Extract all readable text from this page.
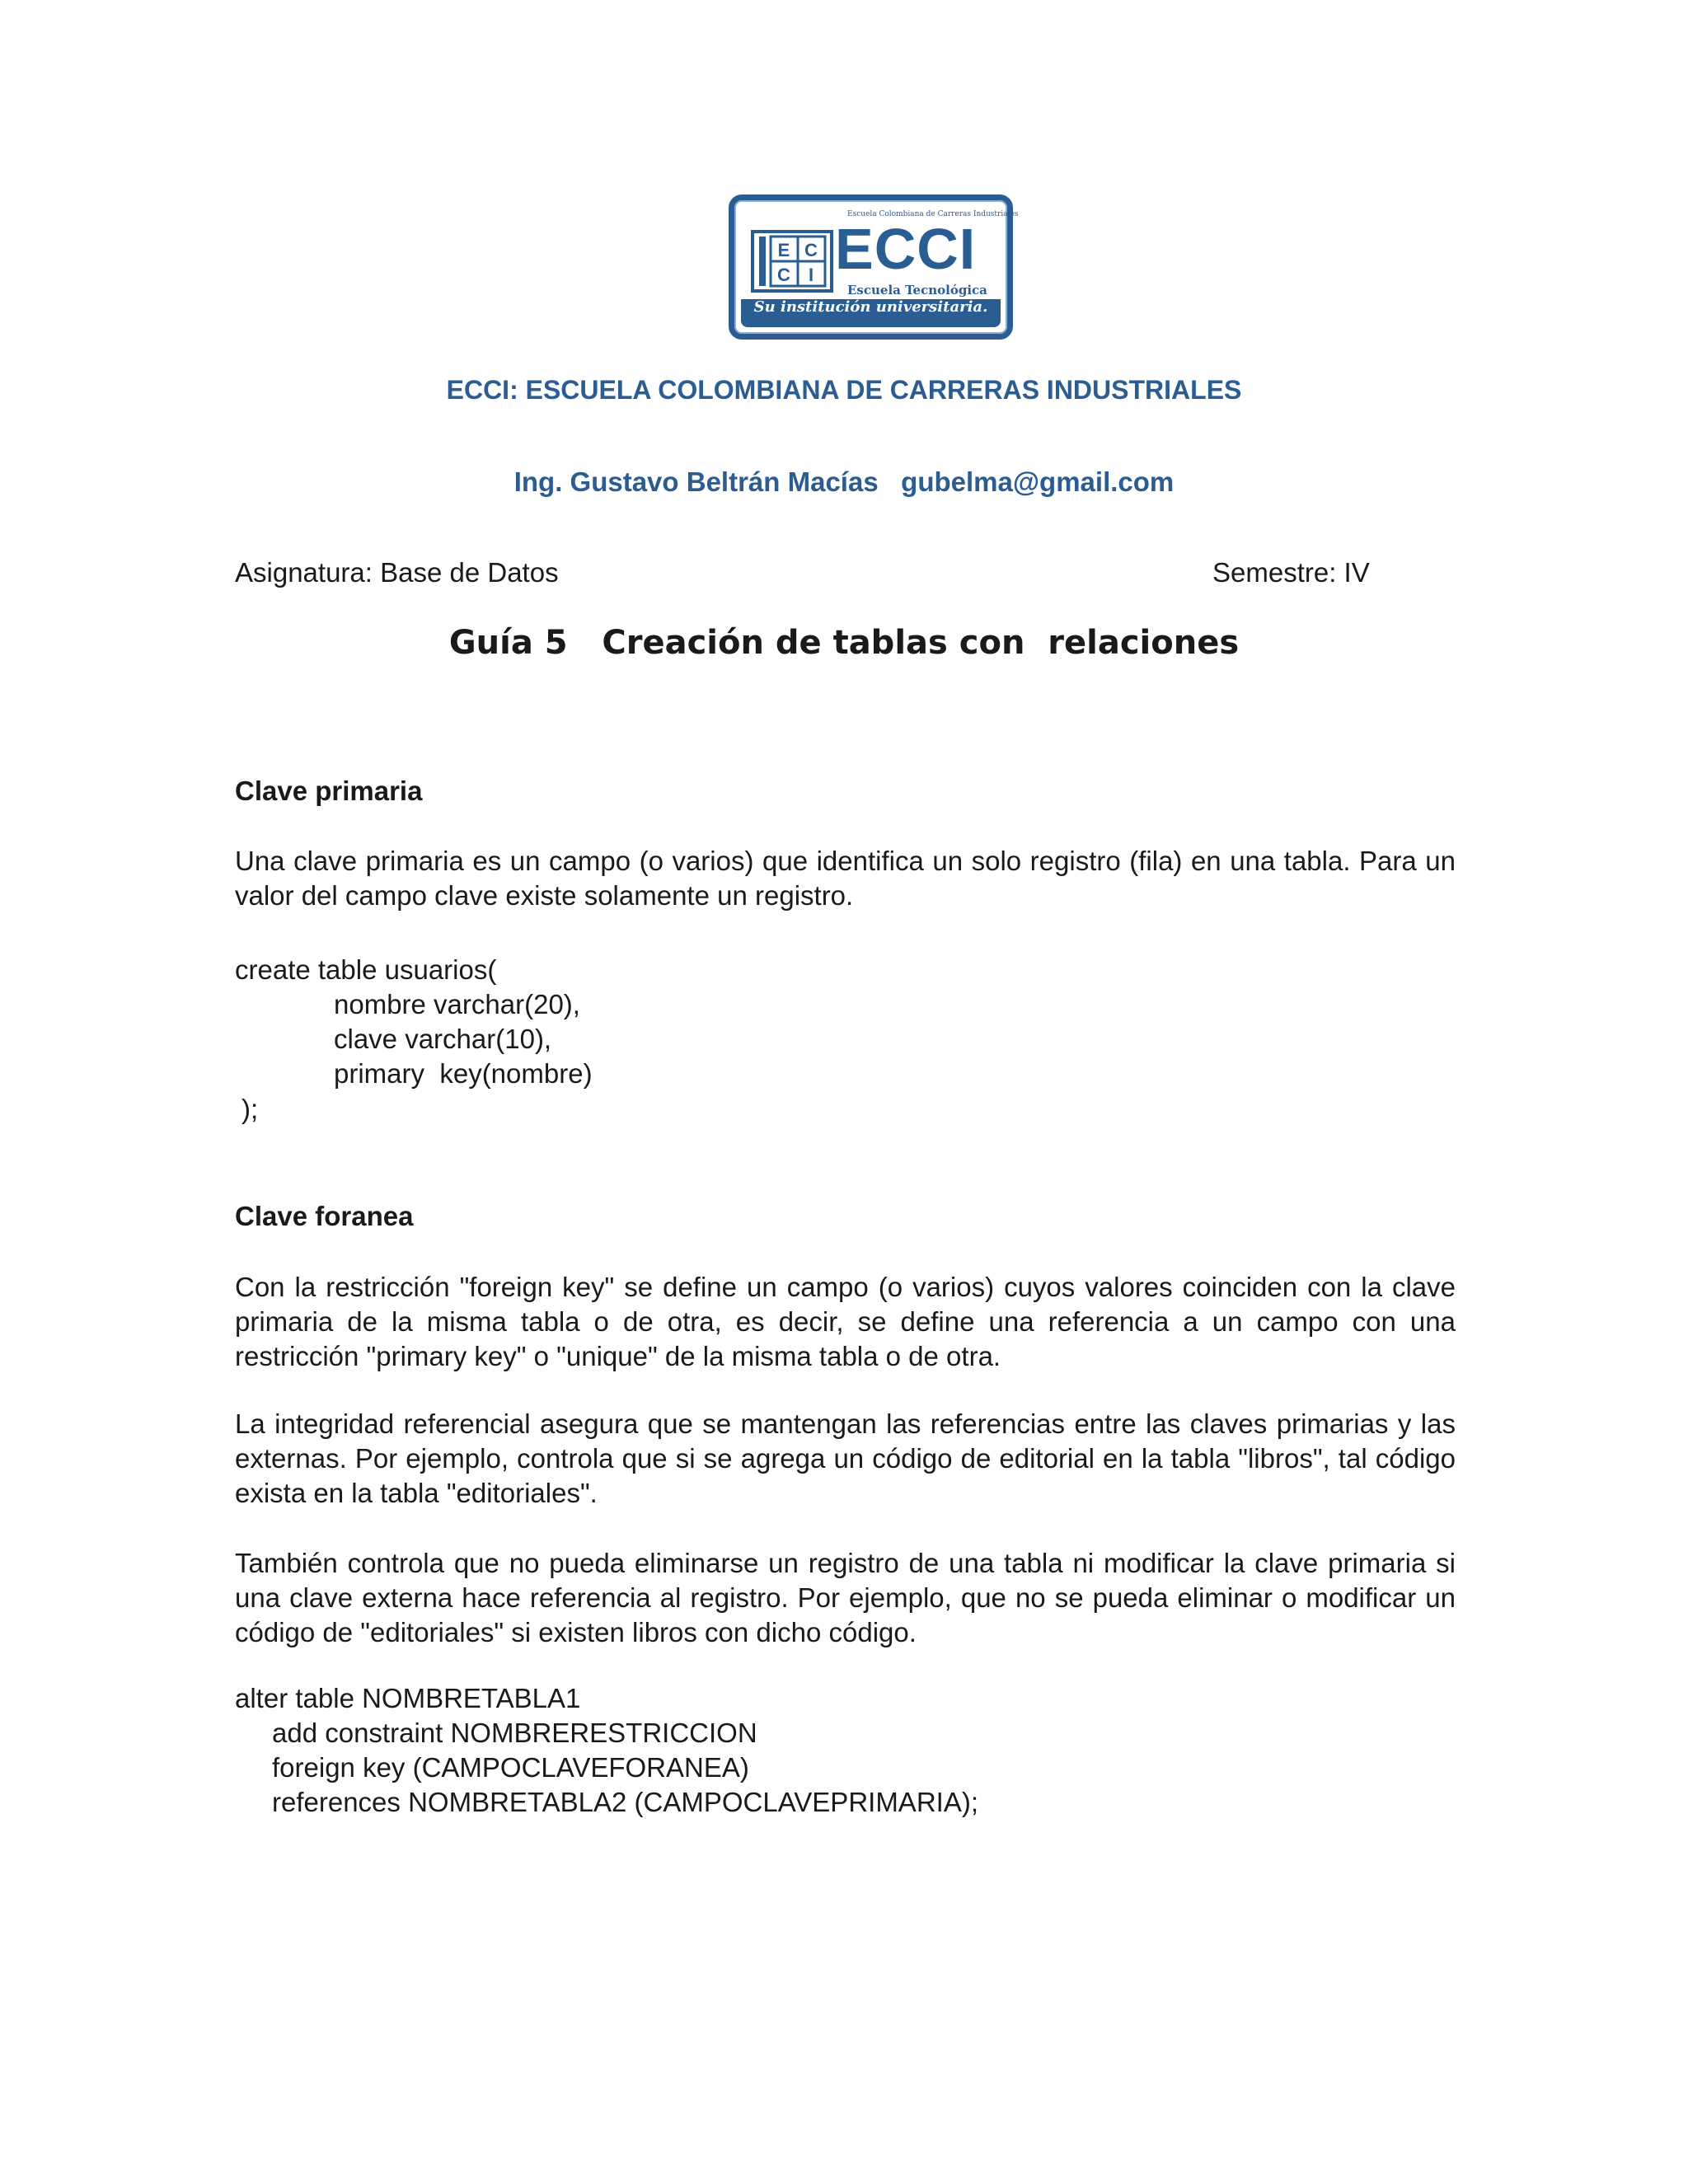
Escuela Colombiana de Carreras Industriales
E C
C I ECCI
Escuela Tecnológica
Su institución universitaria.
ECCI: ESCUELA COLOMBIANA DE CARRERAS INDUSTRIALES
Ing. Gustavo Beltrán Macías   gubelma@gmail.com
Asignatura: Base de Datos	Semestre: IV
Guía 5   Creación de tablas con  relaciones
Clave primaria
Una clave primaria es un campo (o varios) que identifica un solo registro (fila) en una tabla. Para un valor del campo clave existe solamente un registro.
create table usuarios(
nombre varchar(20),
clave varchar(10),
primary  key(nombre)
);
Clave foranea
Con la restricción "foreign key" se define un campo (o varios) cuyos valores coinciden con la clave primaria de la misma tabla o de otra, es decir, se define una referencia a un campo con una restricción "primary key" o "unique" de la misma tabla o de otra.
La integridad referencial asegura que se mantengan las referencias entre las claves primarias y las externas. Por ejemplo, controla que si se agrega un código de editorial en la tabla "libros", tal código exista en la tabla "editoriales".
También controla que no pueda eliminarse un registro de una tabla ni modificar la clave primaria si una clave externa hace referencia al registro. Por ejemplo, que no se pueda eliminar o modificar un código de "editoriales" si existen libros con dicho código.
alter table NOMBRETABLA1
add constraint NOMBRERESTRICCION
foreign key (CAMPOCLAVEFORANEA)
references NOMBRETABLA2 (CAMPOCLAVEPRIMARIA);
